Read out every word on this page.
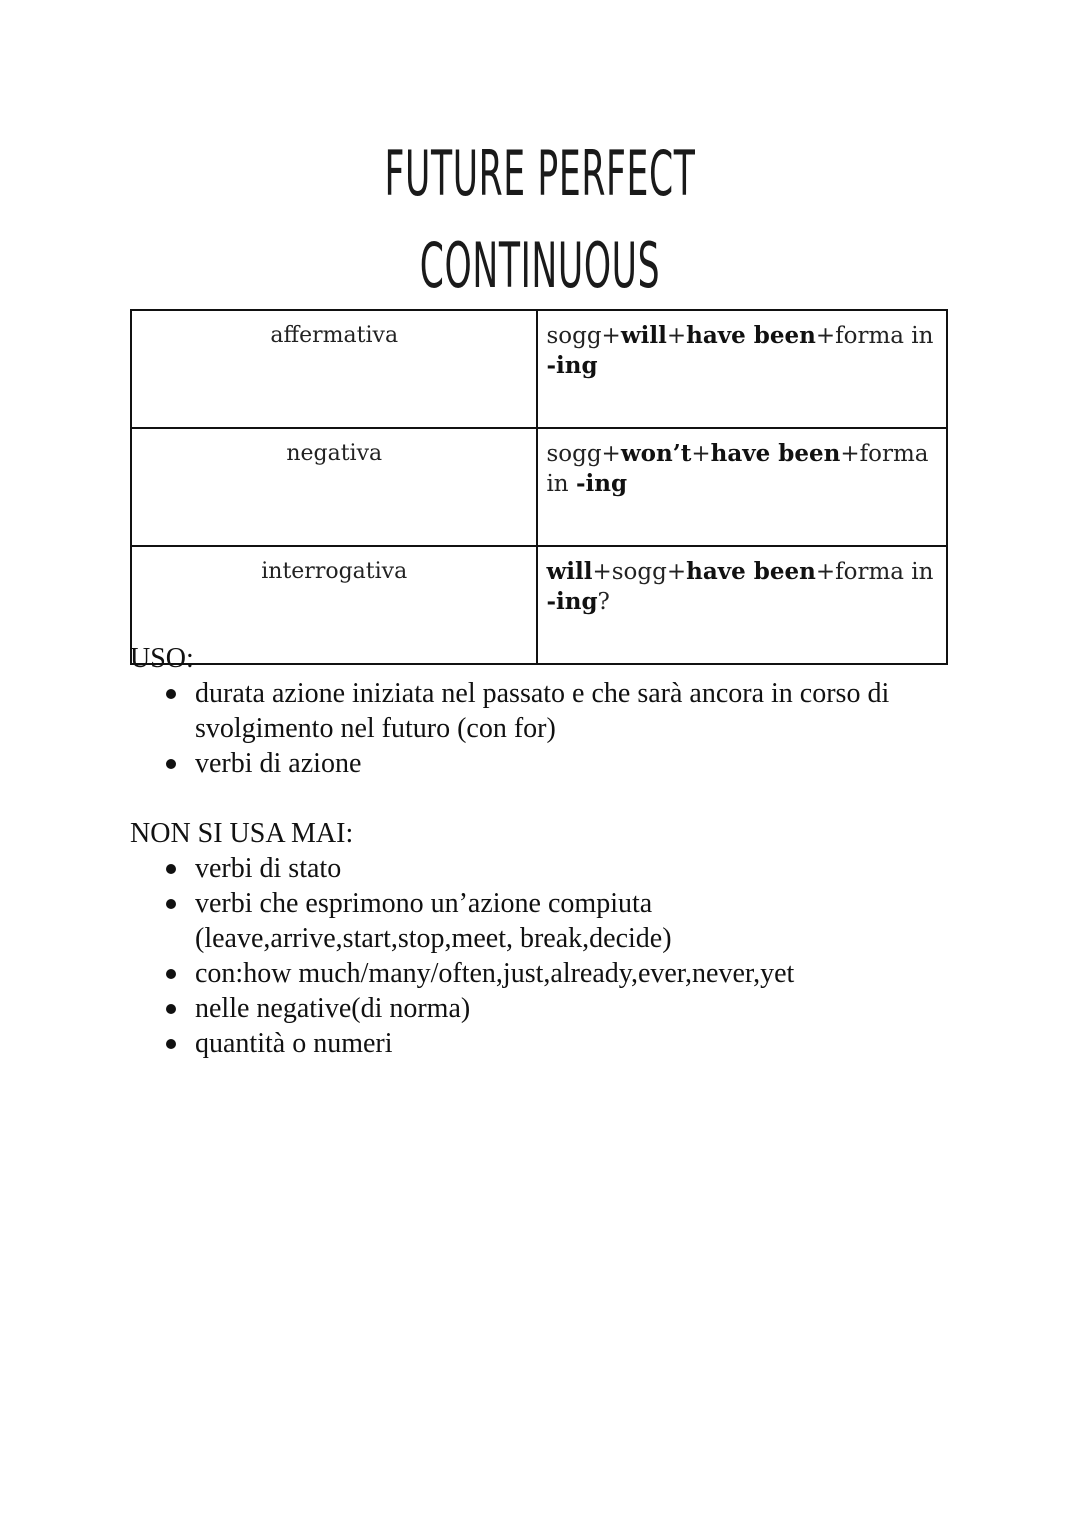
FUTURE PERFECT
CONTINUOUS
affermativa	sogg+will+have been+forma in -ing
negativa	sogg+won’t+have been+forma in -ing
interrogativa	will+sogg+have been+forma in -ing?
USO:
durata azione iniziata nel passato e che sarà ancora in corso di svolgimento nel futuro (con for)
verbi di azione
NON SI USA MAI:
verbi di stato
verbi che esprimono un’azione compiuta (leave,arrive,start,stop,meet, break,decide)
con:how much/many/often,just,already,ever,never,yet
nelle negative(di norma)
quantità o numeri
